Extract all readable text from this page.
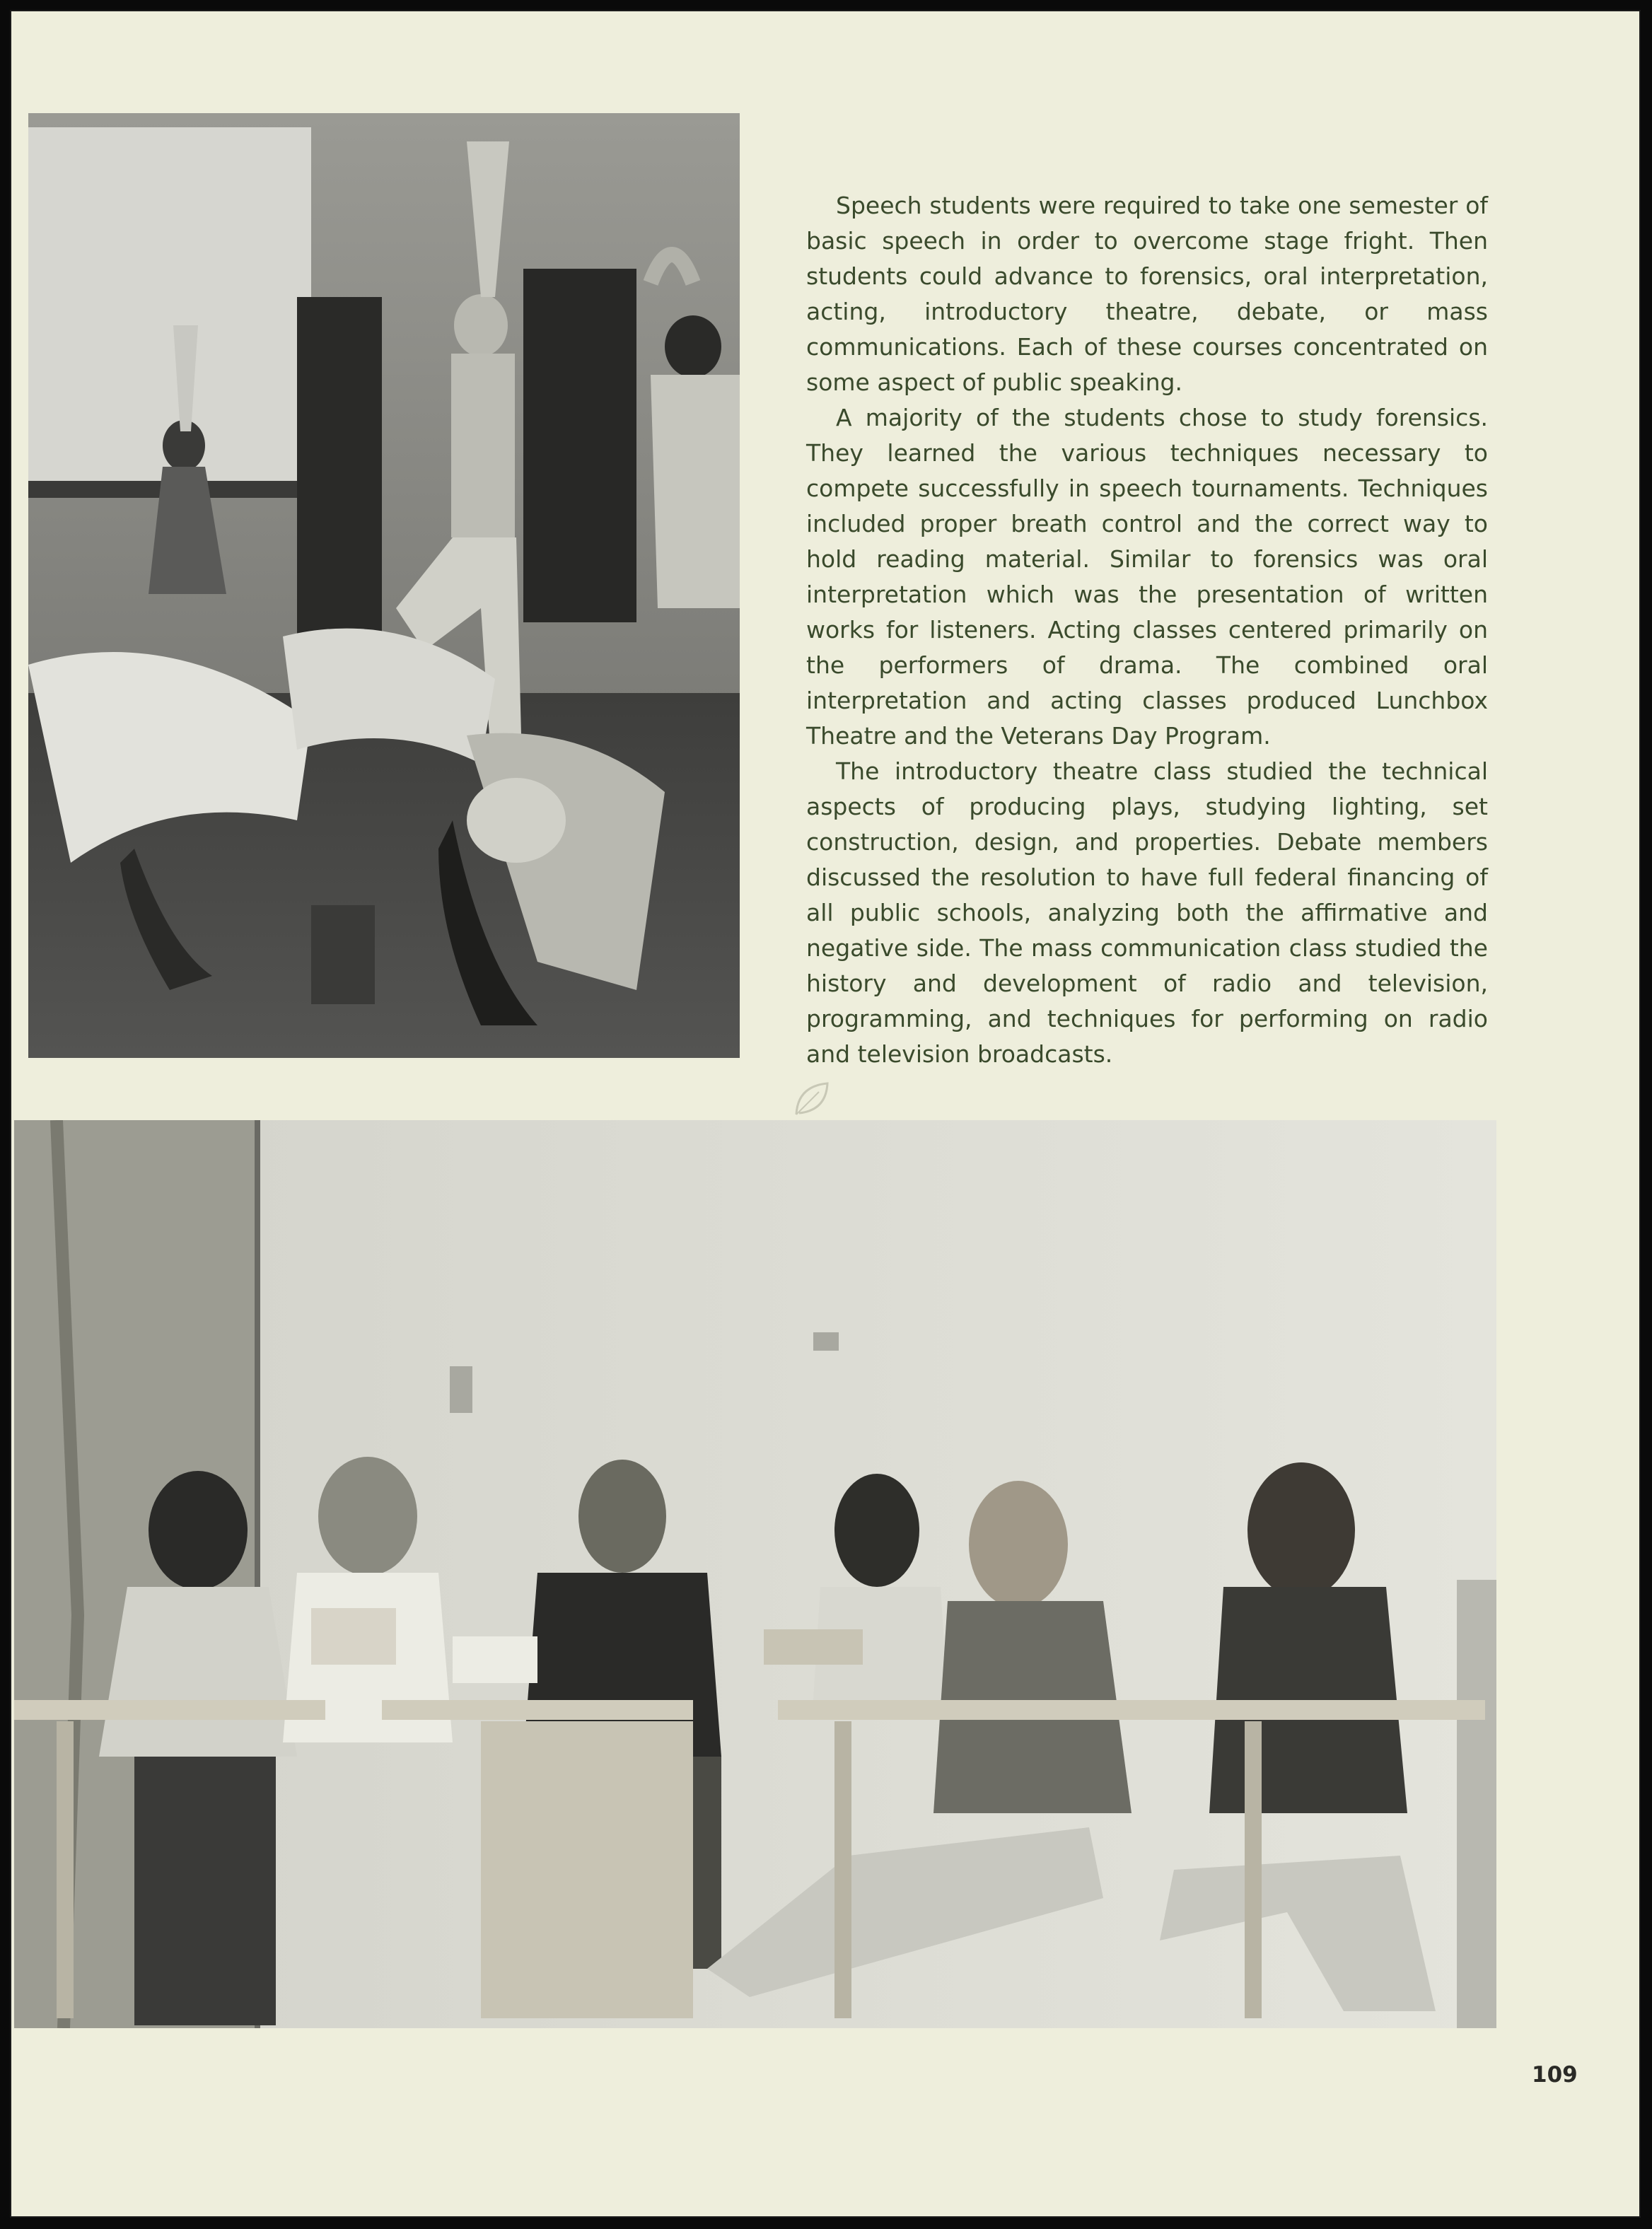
Speech students were required to take one semester of basic speech in order to overcome stage fright. Then students could advance to forensics, oral interpretation, acting, introductory theatre, debate, or mass communications. Each of these courses concentrated on some aspect of public speaking.

A majority of the students chose to study forensics. They learned the various techniques necessary to compete successfully in speech tournaments. Techniques included proper breath control and the correct way to hold reading material. Similar to forensics was oral interpretation which was the presentation of written works for listeners. Acting classes centered primarily on the performers of drama. The combined oral interpretation and acting classes produced Lunchbox Theatre and the Veterans Day Program.

The introductory theatre class studied the technical aspects of producing plays, studying lighting, set construction, design, and properties. Debate members discussed the resolution to have full federal financing of all public schools, analyzing both the affirmative and negative side. The mass communication class studied the history and development of radio and television, programming, and techniques for performing on radio and television broadcasts.

109
